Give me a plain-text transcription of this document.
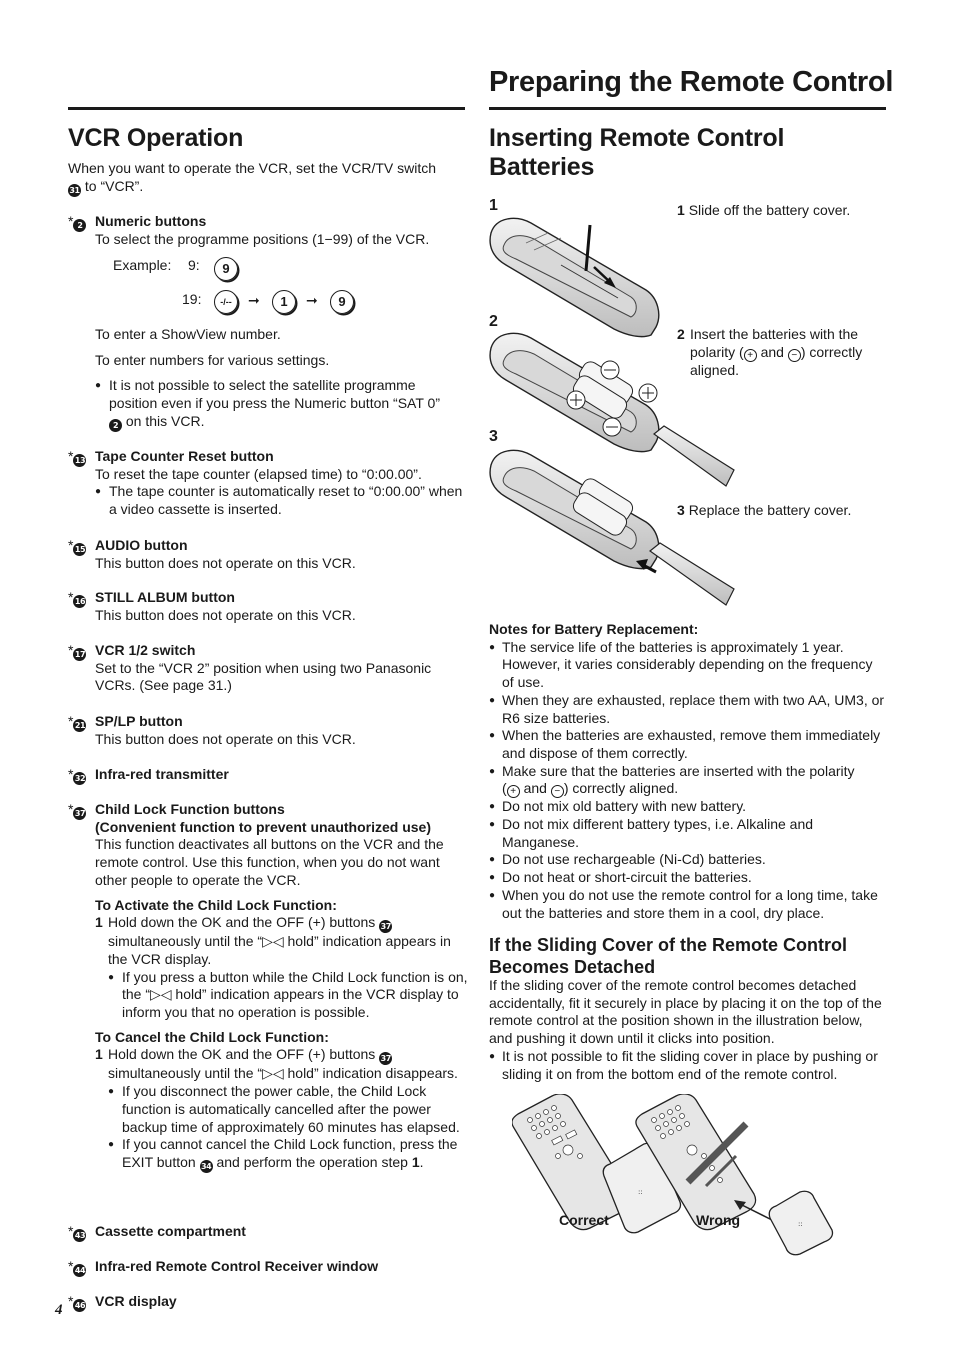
Preparing the Remote Control
VCR Operation
When you want to operate the VCR, set the VCR/TV switch
31 to “VCR”.
* 2 Numeric buttons
To select the programme positions (1−99) of the VCR.
Example: 9:	9
19:	-/--	➞	1	➞	9
To enter a ShowView number.
To enter numbers for various settings.
● It is not possible to select the satellite programme position even if you press the Numeric button “SAT 0”
2 on this VCR.
*13 Tape Counter Reset button
To reset the tape counter (elapsed time) to “0:00.00”.
● The tape counter is automatically reset to “0:00.00” when a video cassette is inserted.
*15 AUDIO button
This button does not operate on this VCR.
*16 STILL ALBUM button
This button does not operate on this VCR.
*17 VCR 1/2 switch
Set to the “VCR 2” position when using two Panasonic VCRs. (See page 31.)
*21 SP/LP button
This button does not operate on this VCR.
*32 Infra-red transmitter
*37 Child Lock Function buttons
(Convenient function to prevent unauthorized use)
This function deactivates all buttons on the VCR and the remote control. Use this function, when you do not want other people to operate the VCR.
To Activate the Child Lock Function:
1 Hold down the OK and the OFF (+) buttons 37
simultaneously until the “▷◁ hold” indication appears in the VCR display.
● If you press a button while the Child Lock function is on, the “▷◁ hold” indication appears in the VCR display to inform you that no operation is possible.
To Cancel the Child Lock Function:
1 Hold down the OK and the OFF (+) buttons 37
simultaneously until the “▷◁ hold” indication disappears.
● If you disconnect the power cable, the Child Lock function is automatically cancelled after the power backup time of approximately 60 minutes has elapsed.
● If you cannot cancel the Child Lock function, press the EXIT button 34 and perform the operation step 1.
*43 Cassette compartment
*44 Infra-red Remote Control Receiver window
*46 VCR display
4
Inserting Remote Control
Batteries
1
2
3
1 Slide off the battery cover.
2 Insert the batteries with the polarity ( + and − ) correctly aligned.
3 Replace the battery cover.
Notes for Battery Replacement:
● The service life of the batteries is approximately 1 year. However, it varies considerably depending on the frequency of use.
● When they are exhausted, replace them with two AA, UM3, or R6 size batteries.
● When the batteries are exhausted, remove them immediately and dispose of them correctly.
● Make sure that the batteries are inserted with the polarity
( + and − ) correctly aligned.
● Do not mix old battery with new battery.
● Do not mix different battery types, i.e. Alkaline and Manganese.
● Do not use rechargeable (Ni-Cd) batteries.
● Do not heat or short-circuit the batteries.
● When you do not use the remote control for a long time, take out the batteries and store them in a cool, dry place.
If the Sliding Cover of the Remote Control
Becomes Detached
If the sliding cover of the remote control becomes detached accidentally, fit it securely in place by placing it on the top of the remote control at the position shown in the illustration below, and pushing it down until it clicks into position.
● It is not possible to fit the sliding cover in place by pushing or sliding it on from the bottom end of the remote control.
::
::
Correct	Wrong
